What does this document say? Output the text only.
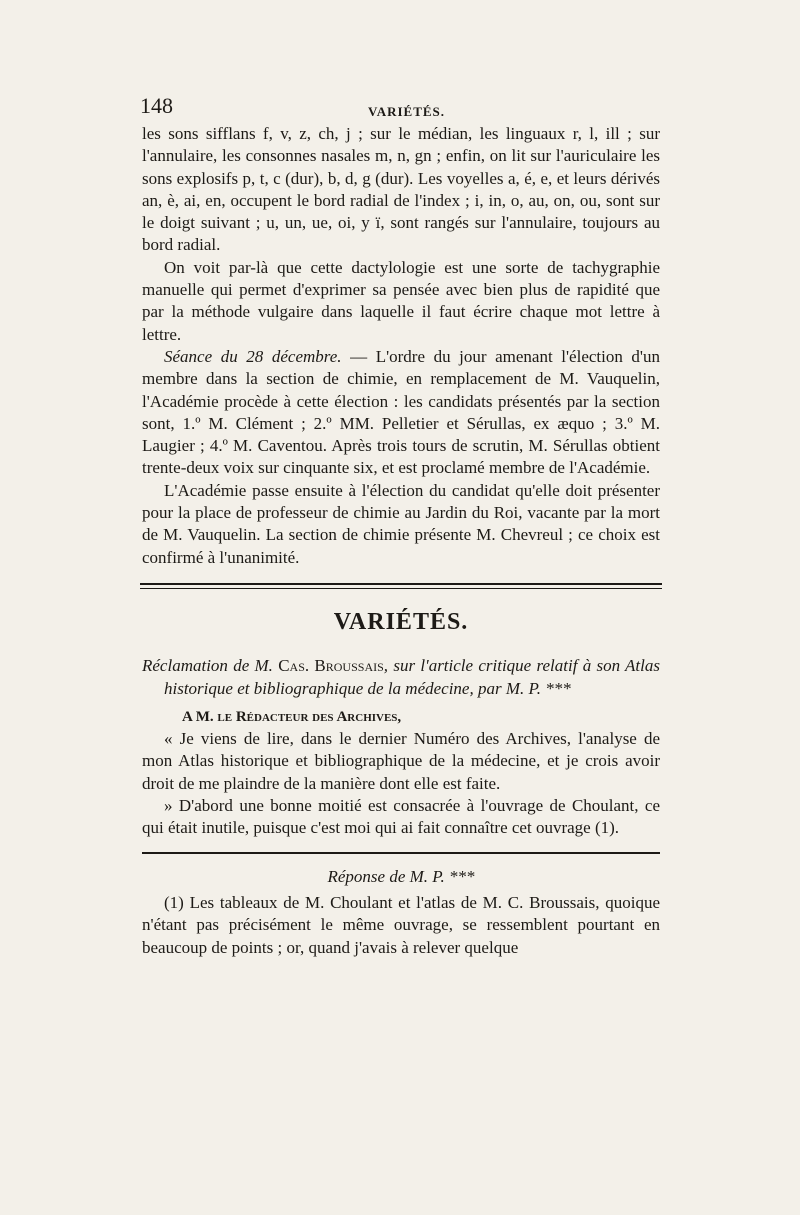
148	VARIÉTÉS.

les sons sifflans f, v, z, ch, j ; sur le médian, les linguaux r, l, ill ; sur l'annulaire, les consonnes nasales m, n, gn ; enfin, on lit sur l'auriculaire les sons explosifs p, t, c (dur), b, d, g (dur). Les voyelles a, é, e, et leurs dérivés an, è, ai, en, occupent le bord radial de l'index ; i, in, o, au, on, ou, sont sur le doigt suivant ; u, un, ue, oi, y ï, sont rangés sur l'annulaire, toujours au bord radial.

On voit par-là que cette dactylologie est une sorte de tachygraphie manuelle qui permet d'exprimer sa pensée avec bien plus de rapidité que par la méthode vulgaire dans laquelle il faut écrire chaque mot lettre à lettre.

Séance du 28 décembre. — L'ordre du jour amenant l'élection d'un membre dans la section de chimie, en remplacement de M. Vauquelin, l'Académie procède à cette élection : les candidats présentés par la section sont, 1.º M. Clément ; 2.º MM. Pelletier et Sérullas, ex æquo ; 3.º M. Laugier ; 4.º M. Caventou. Après trois tours de scrutin, M. Sérullas obtient trente-deux voix sur cinquante six, et est proclamé membre de l'Académie.

L'Académie passe ensuite à l'élection du candidat qu'elle doit présenter pour la place de professeur de chimie au Jardin du Roi, vacante par la mort de M. Vauquelin. La section de chimie présente M. Chevreul ; ce choix est confirmé à l'unanimité.

VARIÉTÉS.

Réclamation de M. Cas. Broussais, sur l'article critique relatif à son Atlas historique et bibliographique de la médecine, par M. P. ***

A M. le Rédacteur des Archives,

« Je viens de lire, dans le dernier Numéro des Archives, l'analyse de mon Atlas historique et bibliographique de la médecine, et je crois avoir droit de me plaindre de la manière dont elle est faite.

» D'abord une bonne moitié est consacrée à l'ouvrage de Choulant, ce qui était inutile, puisque c'est moi qui ai fait connaître cet ouvrage (1).

Réponse de M. P. ***

(1) Les tableaux de M. Choulant et l'atlas de M. C. Broussais, quoique n'étant pas précisément le même ouvrage, se ressemblent pourtant en beaucoup de points ; or, quand j'avais à relever quelque
